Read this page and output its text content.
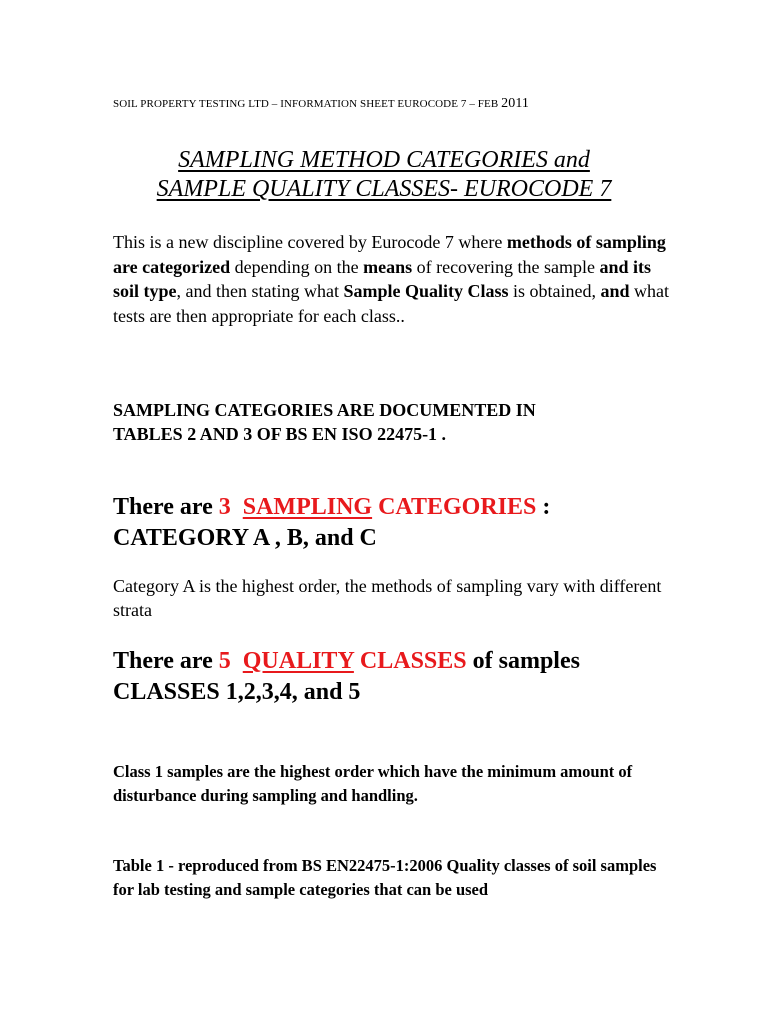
SOIL PROPERTY TESTING LTD – INFORMATION SHEET EUROCODE 7 – FEB 2011
SAMPLING METHOD CATEGORIES and
SAMPLE QUALITY CLASSES- EUROCODE 7
This is a new discipline covered by Eurocode 7 where methods of sampling are categorized depending on the means of recovering the sample and its soil type, and then stating what Sample Quality Class is obtained, and what tests are then appropriate for each class..
SAMPLING CATEGORIES ARE DOCUMENTED IN
TABLES 2 AND 3 OF BS EN ISO 22475-1 .
There are 3 SAMPLING CATEGORIES :
CATEGORY A , B, and C
Category A is the highest order, the methods of sampling vary with different strata
There are 5 QUALITY CLASSES of samples
CLASSES 1,2,3,4, and 5
Class 1 samples are the highest order which have the minimum amount of disturbance during sampling and handling.
Table 1 - reproduced from BS EN22475-1:2006 Quality classes of soil samples for lab testing and sample categories that can be used
